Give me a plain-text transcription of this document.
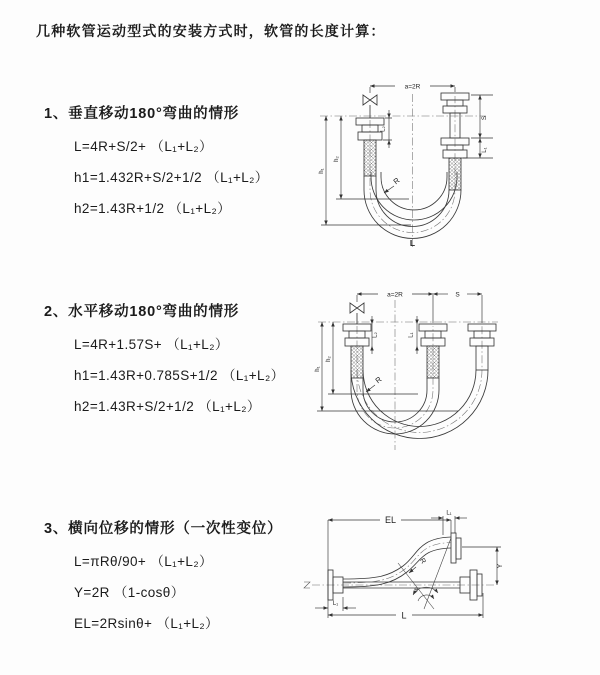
几种软管运动型式的安装方式时，软管的长度计算：
1、垂直移动180°弯曲的情形
L=4R+S/2+ （L₁+L₂）
h1=1.432R+S/2+1/2 （L₁+L₂）
h2=1.43R+1/2 （L₁+L₂）
2、水平移动180°弯曲的情形
L=4R+1.57S+ （L₁+L₂）
h1=1.43R+0.785S+1/2 （L₁+L₂）
h2=1.43R+S/2+1/2 （L₁+L₂）
3、横向位移的情形（一次性变位）
L=πRθ/90+ （L₁+L₂）
Y=2R （1-cosθ）
EL=2Rsinθ+ （L₁+L₂）
a=2R
S
L₁
L₂
h₁
h₂
R
L
a=2R	S
h₁
h₂
L₂	L₁
R
EL
L₁
Y
R
θ
L
L₁
